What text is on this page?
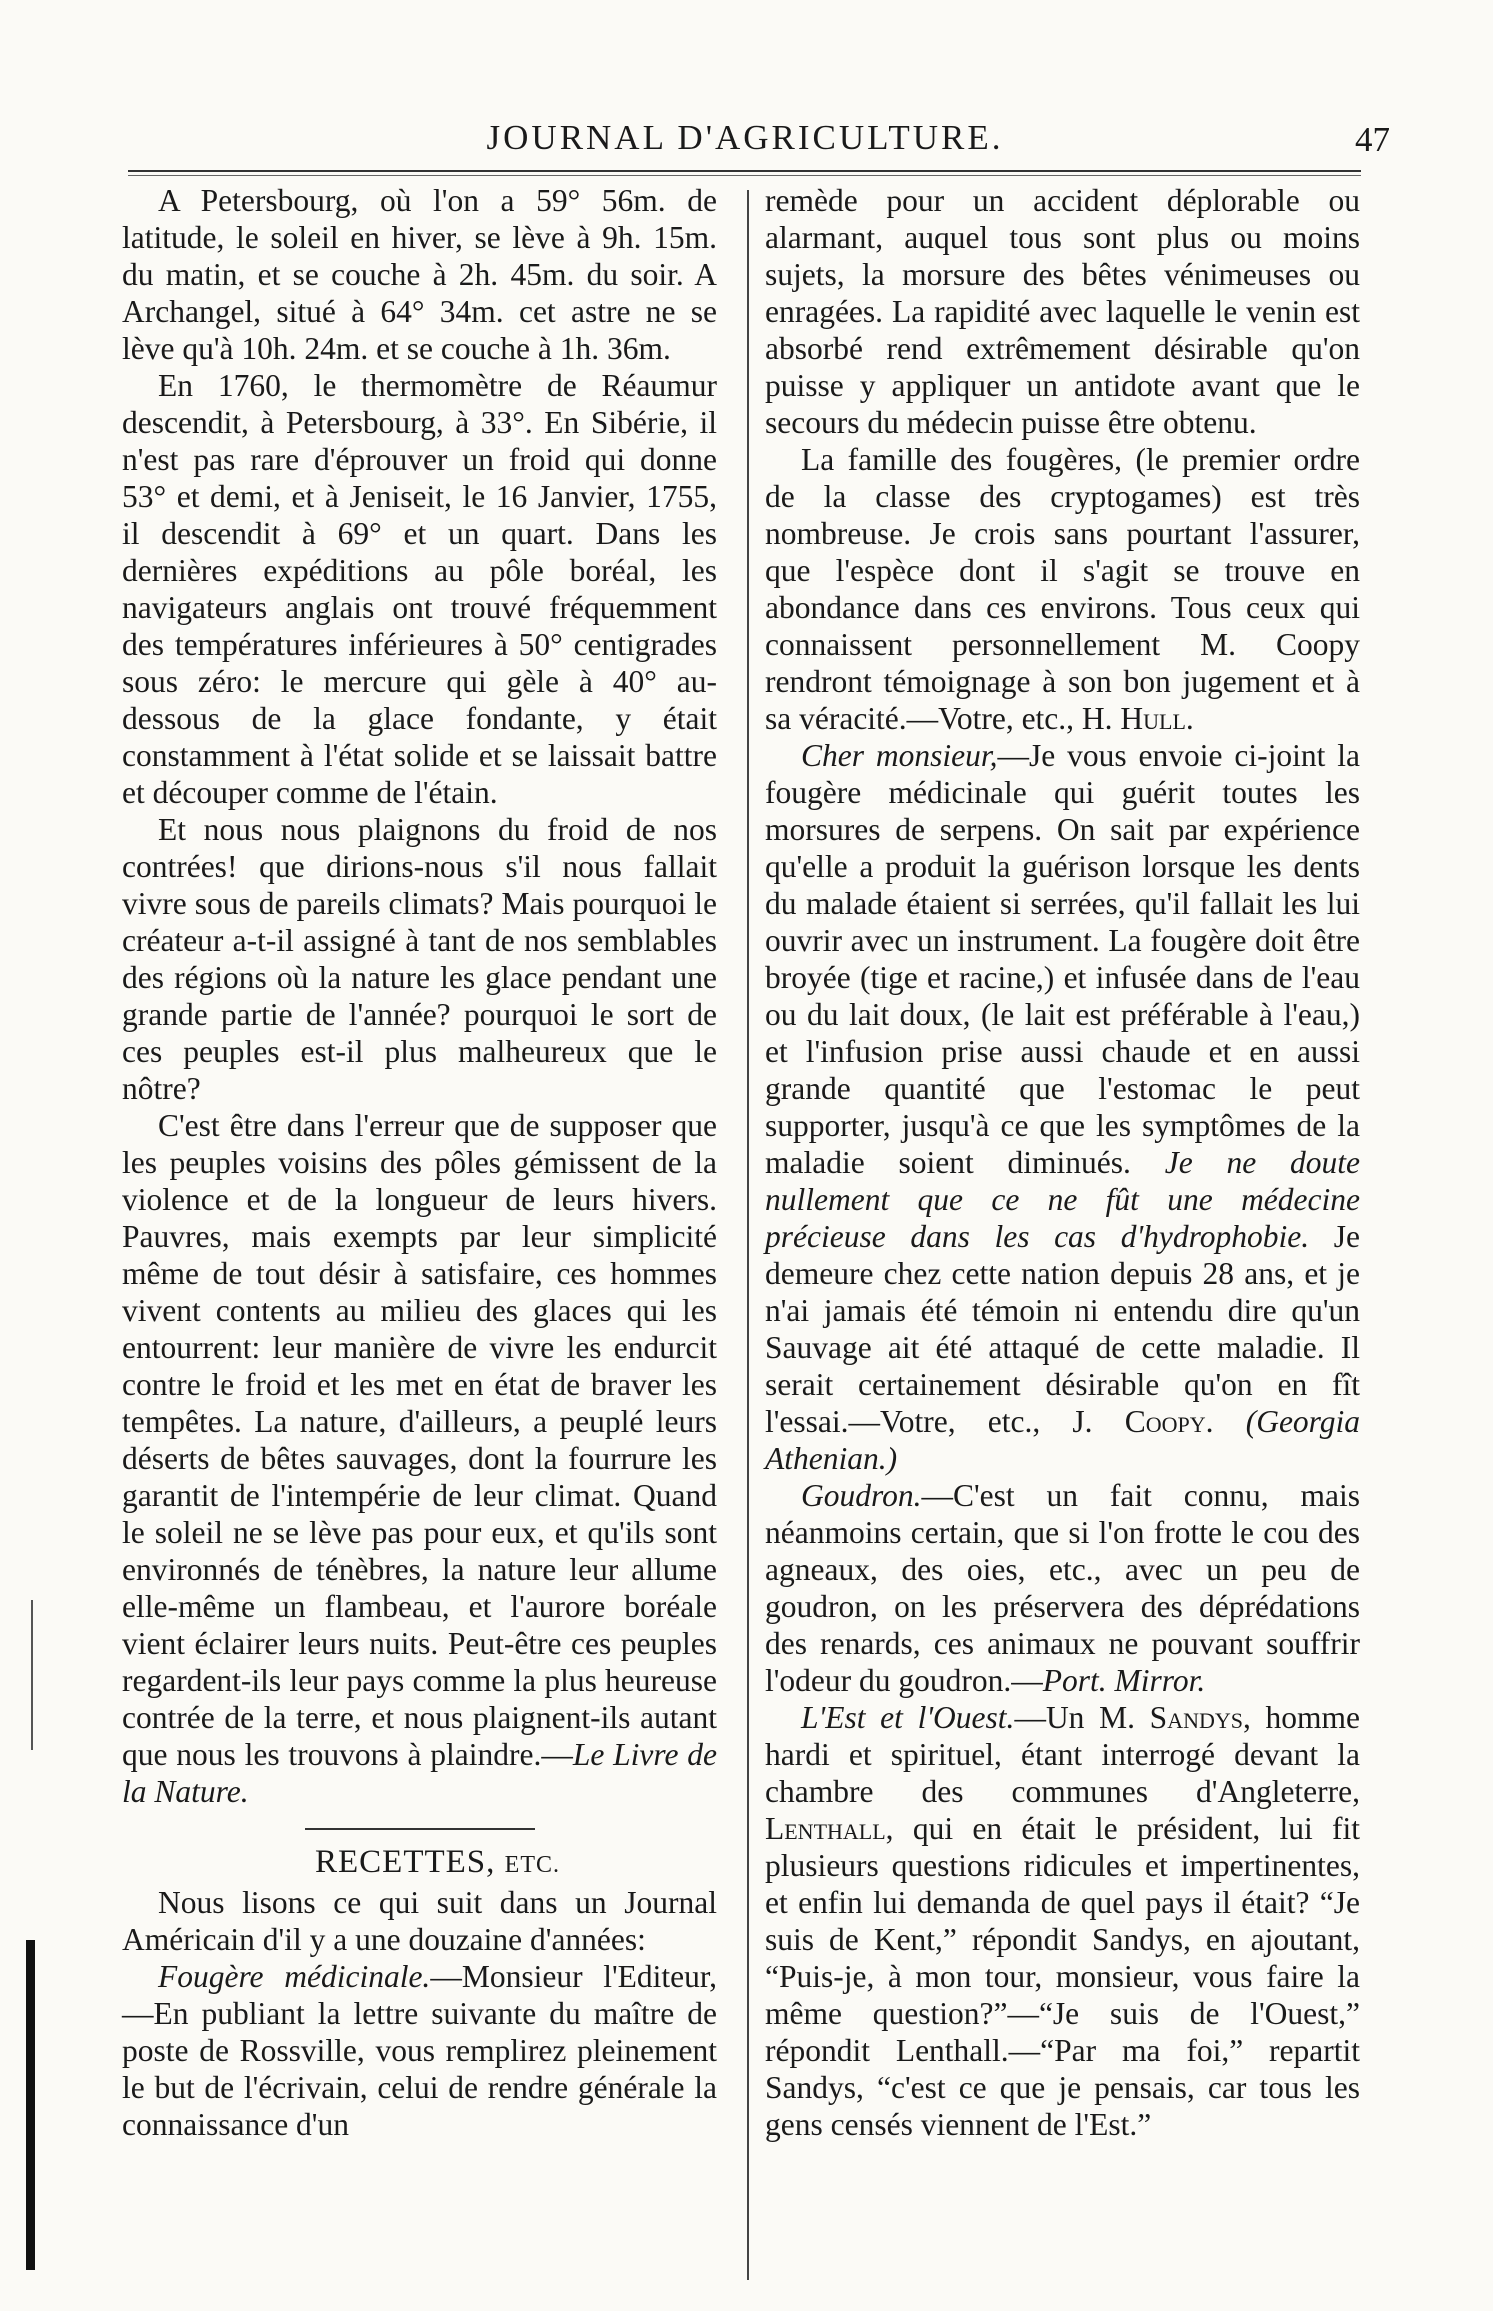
JOURNAL D'AGRICULTURE.	47

A Petersbourg, où l'on a 59° 56m. de latitude, le soleil en hiver, se lève à 9h. 15m. du matin, et se couche à 2h. 45m. du soir. A Archangel, situé à 64° 34m. cet astre ne se lève qu'à 10h. 24m. et se couche à 1h. 36m.

En 1760, le thermomètre de Réaumur descendit, à Petersbourg, à 33°. En Sibérie, il n'est pas rare d'éprouver un froid qui donne 53° et demi, et à Jeniseit, le 16 Janvier, 1755, il descendit à 69° et un quart. Dans les dernières expéditions au pôle boréal, les navigateurs anglais ont trouvé fréquemment des températures inférieures à 50° centigrades sous zéro: le mercure qui gèle à 40° au-dessous de la glace fondante, y était constamment à l'état solide et se laissait battre et découper comme de l'étain.

Et nous nous plaignons du froid de nos contrées! que dirions-nous s'il nous fallait vivre sous de pareils climats? Mais pourquoi le créateur a-t-il assigné à tant de nos semblables des régions où la nature les glace pendant une grande partie de l'année? pourquoi le sort de ces peuples est-il plus malheureux que le nôtre?

C'est être dans l'erreur que de supposer que les peuples voisins des pôles gémissent de la violence et de la longueur de leurs hivers. Pauvres, mais exempts par leur simplicité même de tout désir à satisfaire, ces hommes vivent contents au milieu des glaces qui les entourrent: leur manière de vivre les endurcit contre le froid et les met en état de braver les tempêtes. La nature, d'ailleurs, a peuplé leurs déserts de bêtes sauvages, dont la fourrure les garantit de l'intempérie de leur climat. Quand le soleil ne se lève pas pour eux, et qu'ils sont environnés de ténèbres, la nature leur allume elle-même un flambeau, et l'aurore boréale vient éclairer leurs nuits. Peut-être ces peuples regardent-ils leur pays comme la plus heureuse contrée de la terre, et nous plaignent-ils autant que nous les trouvons à plaindre.—Le Livre de la Nature.

RECETTES, ETC.

Nous lisons ce qui suit dans un Journal Américain d'il y a une douzaine d'années:

Fougère médicinale.—Monsieur l'Editeur,—En publiant la lettre suivante du maître de poste de Rossville, vous remplirez pleinement le but de l'écrivain, celui de rendre générale la connaissance d'un

remède pour un accident déplorable ou alarmant, auquel tous sont plus ou moins sujets, la morsure des bêtes vénimeuses ou enragées. La rapidité avec laquelle le venin est absorbé rend extrêmement désirable qu'on puisse y appliquer un antidote avant que le secours du médecin puisse être obtenu.

La famille des fougères, (le premier ordre de la classe des cryptogames) est très nombreuse. Je crois sans pourtant l'assurer, que l'espèce dont il s'agit se trouve en abondance dans ces environs. Tous ceux qui connaissent personnellement M. Coopy rendront témoignage à son bon jugement et à sa véracité.—Votre, etc., H. Hull.

Cher monsieur,—Je vous envoie ci-joint la fougère médicinale qui guérit toutes les morsures de serpens. On sait par expérience qu'elle a produit la guérison lorsque les dents du malade étaient si serrées, qu'il fallait les lui ouvrir avec un instrument. La fougère doit être broyée (tige et racine,) et infusée dans de l'eau ou du lait doux, (le lait est préférable à l'eau,) et l'infusion prise aussi chaude et en aussi grande quantité que l'estomac le peut supporter, jusqu'à ce que les symptômes de la maladie soient diminués. Je ne doute nullement que ce ne fût une médecine précieuse dans les cas d'hydrophobie. Je demeure chez cette nation depuis 28 ans, et je n'ai jamais été témoin ni entendu dire qu'un Sauvage ait été attaqué de cette maladie. Il serait certainement désirable qu'on en fît l'essai.—Votre, etc., J. Coopy. (Georgia Athenian.)

Goudron.—C'est un fait connu, mais néanmoins certain, que si l'on frotte le cou des agneaux, des oies, etc., avec un peu de goudron, on les préservera des déprédations des renards, ces animaux ne pouvant souffrir l'odeur du goudron.—Port. Mirror.

L'Est et l'Ouest.—Un M. Sandys, homme hardi et spirituel, étant interrogé devant la chambre des communes d'Angleterre, Lenthall, qui en était le président, lui fit plusieurs questions ridicules et impertinentes, et enfin lui demanda de quel pays il était? “Je suis de Kent,” répondit Sandys, en ajoutant, “Puis-je, à mon tour, monsieur, vous faire la même question?”—“Je suis de l'Ouest,” répondit Lenthall.—“Par ma foi,” repartit Sandys, “c'est ce que je pensais, car tous les gens censés viennent de l'Est.”
